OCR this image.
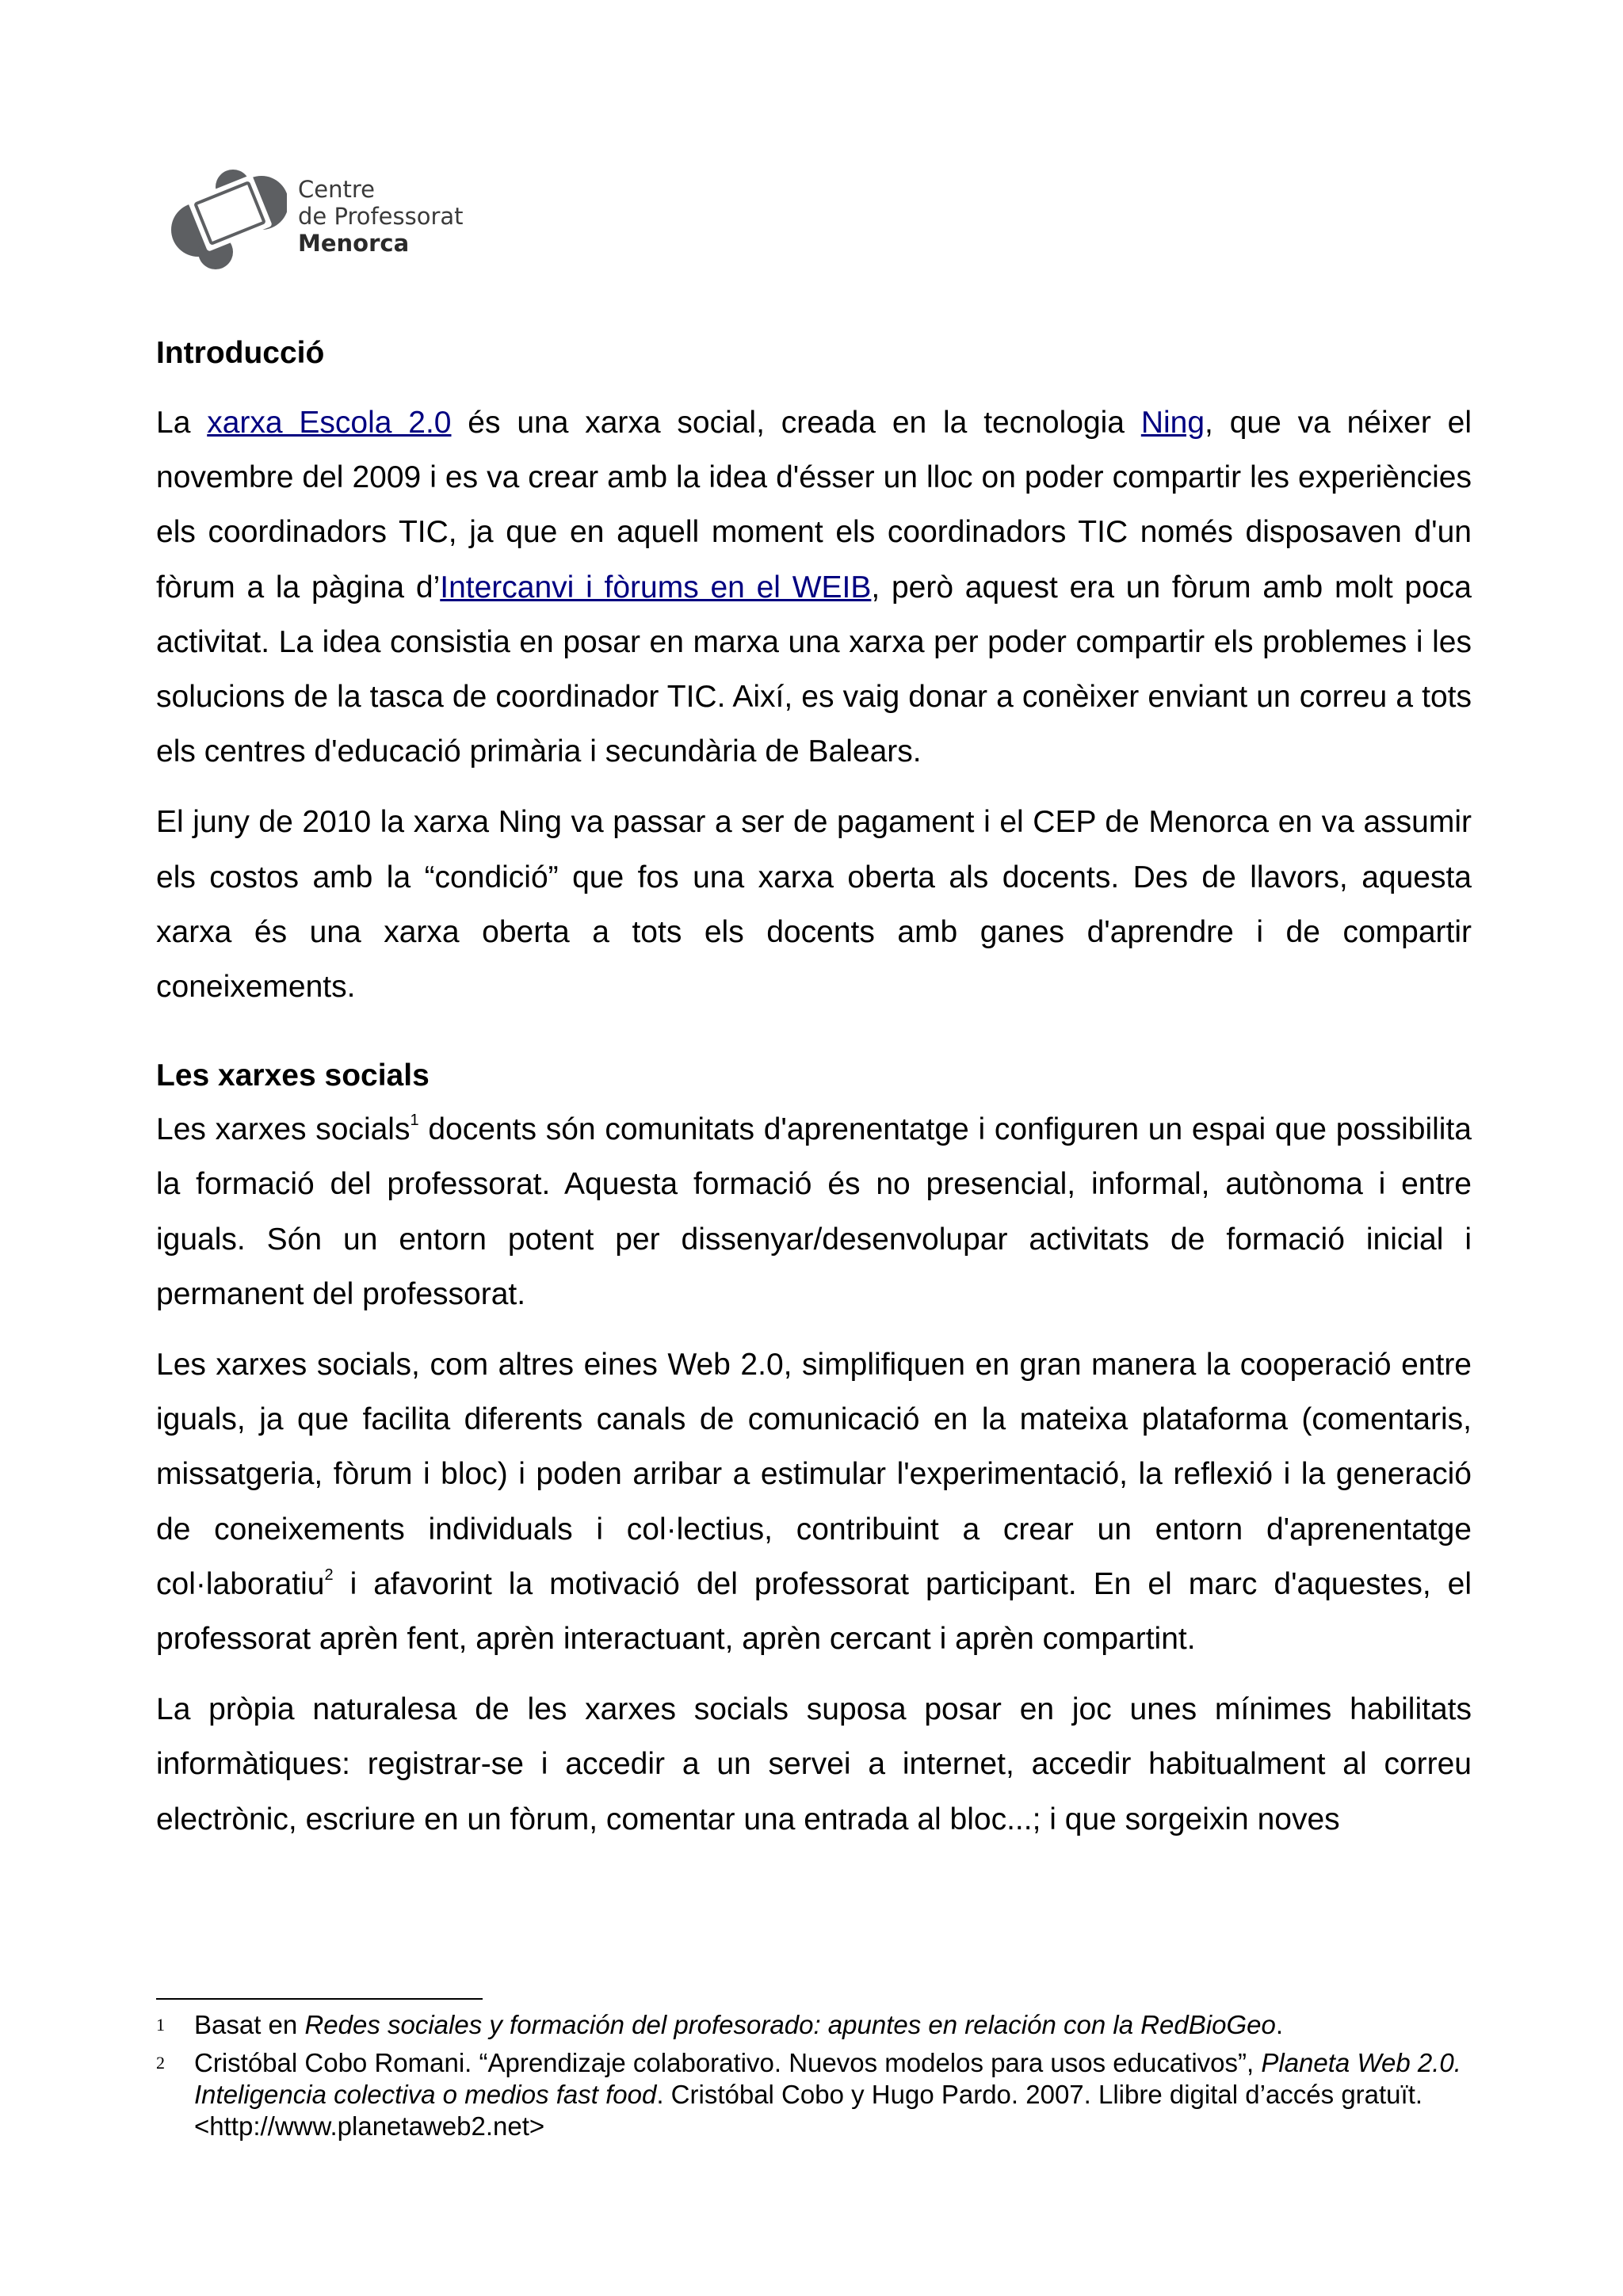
Centre
de Professorat
Menorca
Introducció

La xarxa Escola 2.0 és una xarxa social, creada en la tecnologia Ning, que va néixer el novembre del 2009 i es va crear amb la idea d'ésser un lloc on poder compartir les experiències els coordinadors TIC, ja que en aquell moment els coordinadors TIC només disposaven d'un fòrum a la pàgina d’Intercanvi i fòrums en el WEIB, però aquest era un fòrum amb molt poca activitat. La idea consistia en posar en marxa una xarxa per poder compartir els problemes i les solucions de la tasca de coordinador TIC. Així, es vaig donar a conèixer enviant un correu a tots els centres d'educació primària i secundària de Balears.

El juny de 2010 la xarxa Ning va passar a ser de pagament i el CEP de Menorca en va assumir els costos amb la “condició” que fos una xarxa oberta als docents. Des de llavors, aquesta xarxa és una xarxa oberta a tots els docents amb ganes d'aprendre i de compartir coneixements.

Les xarxes socials

Les xarxes socials$^1$ docents són comunitats d'aprenentatge i configuren un espai que possibilita la formació del professorat. Aquesta formació és no presencial, informal, autònoma i entre iguals. Són un entorn potent per dissenyar/desenvolupar activitats de formació inicial i permanent del professorat.

Les xarxes socials, com altres eines Web 2.0, simplifiquen en gran manera la cooperació entre iguals, ja que facilita diferents canals de comunicació en la mateixa plataforma (comentaris, missatgeria, fòrum i bloc) i poden arribar a estimular l'experimentació, la reflexió i la generació de coneixements individuals i col·lectius, contribuint a crear un entorn d'aprenentatge col·laboratiu$^2$ i afavorint la motivació del professorat participant. En el marc d'aquestes, el professorat aprèn fent, aprèn interactuant, aprèn cercant i aprèn compartint.

La pròpia naturalesa de les xarxes socials suposa posar en joc unes mínimes habilitats informàtiques: registrar-se i accedir a un servei a internet, accedir habitualment al correu electrònic, escriure en un fòrum, comentar una entrada al bloc...; i que sorgeixin noves

1	Basat en Redes sociales y formación del profesorado: apuntes en relación con la RedBioGeo.
2	Cristóbal Cobo Romani. “Aprendizaje colaborativo. Nuevos modelos para usos educativos”, Planeta Web 2.0. Inteligencia colectiva o medios fast food. Cristóbal Cobo y Hugo Pardo. 2007. Llibre digital d’accés gratuït. <http://www.planetaweb2.net>
